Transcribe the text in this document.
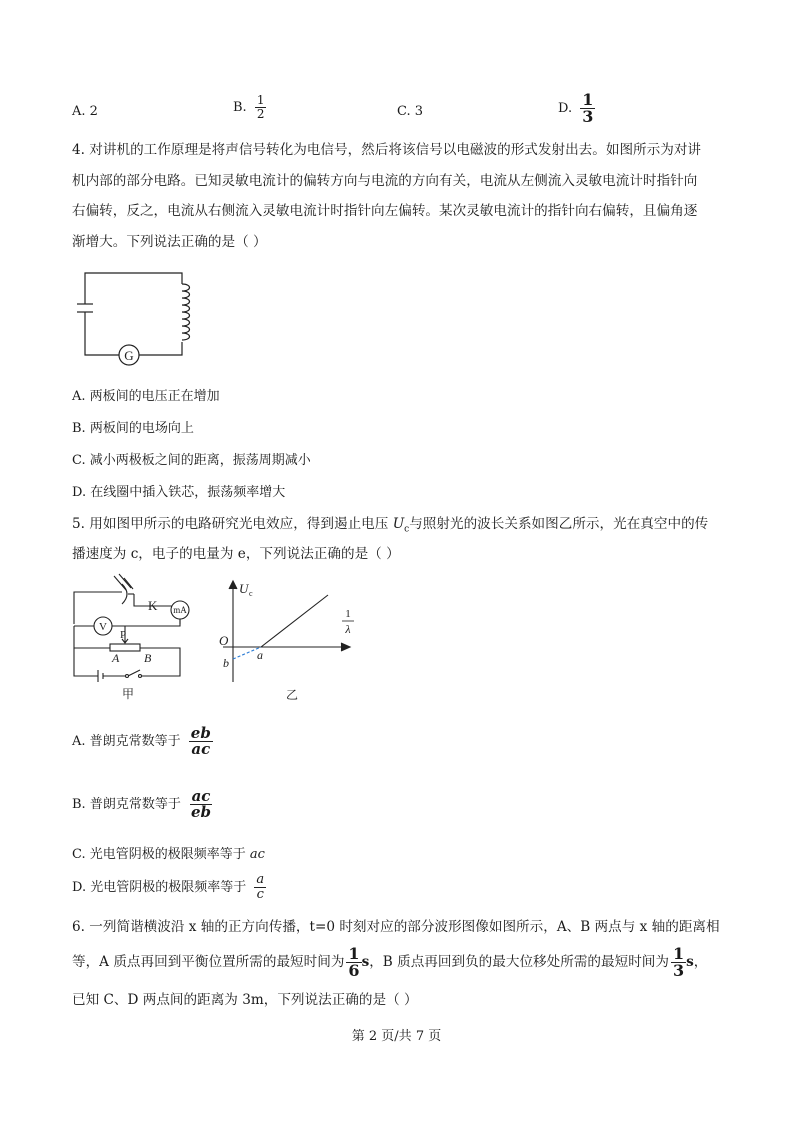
A. 2	B. $\frac{1}{2}$	C. 3	D. $\frac{1}{3}$
4. 对讲机的工作原理是将声信号转化为电信号，然后将该信号以电磁波的形式发射出去。如图所示为对讲
机内部的部分电路。已知灵敏电流计的偏转方向与电流的方向有关，电流从左侧流入灵敏电流计时指针向
右偏转，反之，电流从右侧流入灵敏电流计时指针向左偏转。某次灵敏电流计的指针向右偏转，且偏角逐
渐增大。下列说法正确的是（ ）
G
A. 两板间的电压正在增加
B. 两板间的电场向上
C. 减小两极板之间的距离，振荡周期减小
D. 在线圈中插入铁芯，振荡频率增大
5. 用如图甲所示的电路研究光电效应，得到遏止电压 $U_c$与照射光的波长关系如图乙所示，光在真空中的传
播速度为 c，电子的电量为 e，下列说法正确的是（ ）
K mA
V
P
A B
甲
U c
1
λ
O
a
b
乙
A. 普朗克常数等于 $\frac{eb}{ac}$
B. 普朗克常数等于 $\frac{ac}{eb}$
C. 光电管阴极的极限频率等于 ac
D. 光电管阴极的极限频率等于 $\frac{a}{c}$
6. 一列简谐横波沿 x 轴的正方向传播，t=0 时刻对应的部分波形图像如图所示，A、B 两点与 x 轴的距离相
等，A 质点再回到平衡位置所需的最短时间为 $\frac{1}{6}$ s，B 质点再回到负的最大位移处所需的最短时间为 $\frac{1}{3}$ s，
已知 C、D 两点间的距离为 3m，下列说法正确的是（ ）
第 2 页/共 7 页
